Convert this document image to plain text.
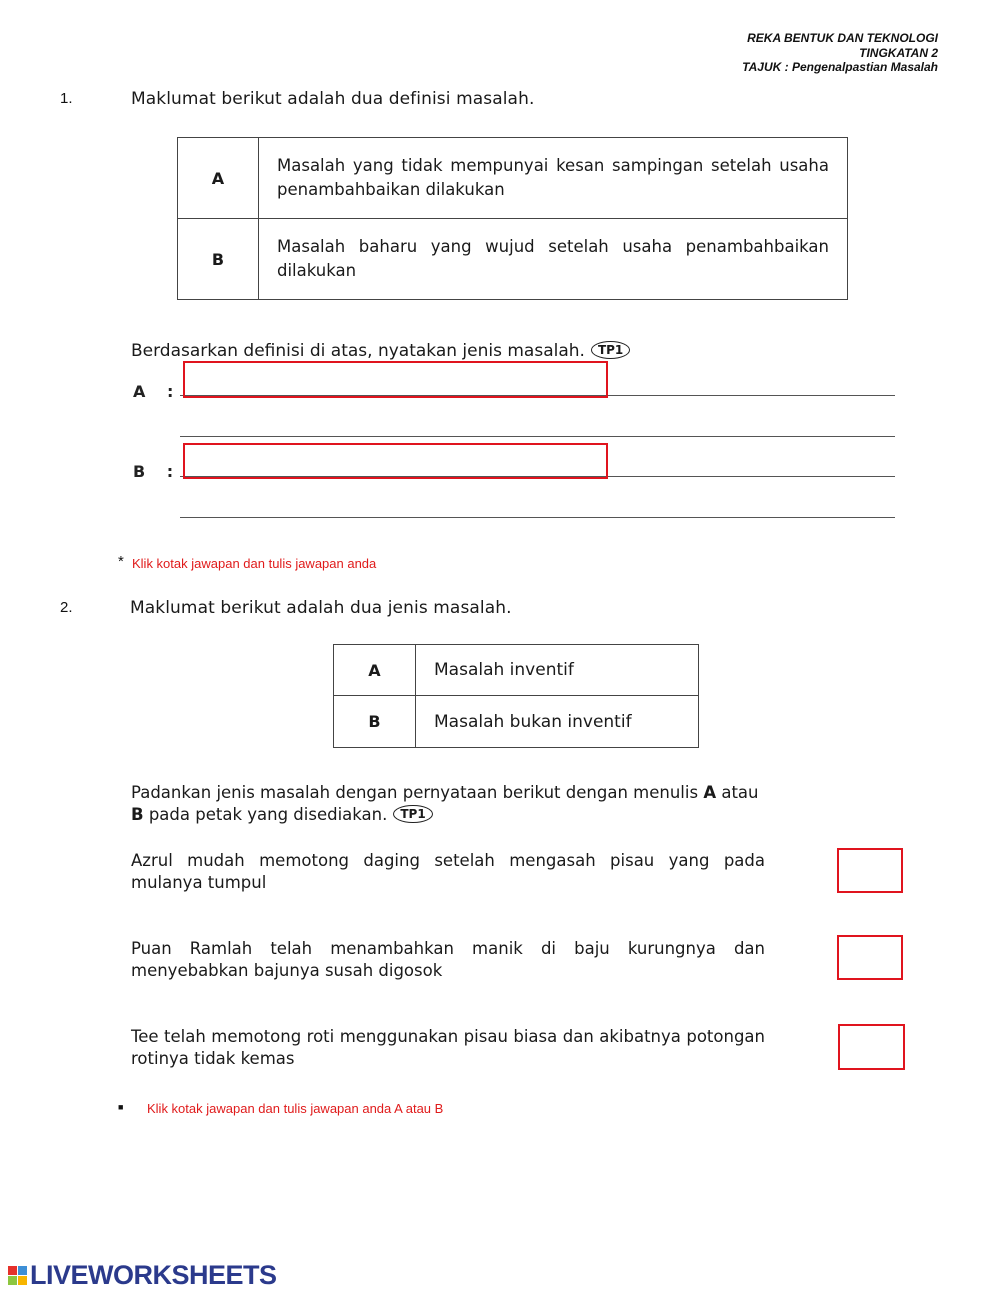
REKA BENTUK DAN TEKNOLOGI
TINGKATAN 2
TAJUK : Pengenalpastian Masalah
1.	Maklumat berikut adalah dua definisi masalah.
A	Masalah yang tidak mempunyai kesan sampingan setelah usaha penambahbaikan dilakukan
B	Masalah baharu yang wujud setelah usaha penambahbaikan dilakukan
Berdasarkan definisi di atas, nyatakan jenis masalah. TP1
A :
B :
* Klik kotak jawapan dan tulis jawapan anda
2.	Maklumat berikut adalah dua jenis masalah.
A	Masalah inventif
B	Masalah bukan inventif
Padankan jenis masalah dengan pernyataan berikut dengan menulis A atau
B pada petak yang disediakan. TP1
Azrul mudah memotong daging setelah mengasah pisau yang pada mulanya tumpul
Puan Ramlah telah menambahkan manik di baju kurungnya dan menyebabkan bajunya susah digosok
Tee telah memotong roti menggunakan pisau biasa dan akibatnya potongan rotinya tidak kemas
■ Klik kotak jawapan dan tulis jawapan anda A atau B
LIVEWORKSHEETS
